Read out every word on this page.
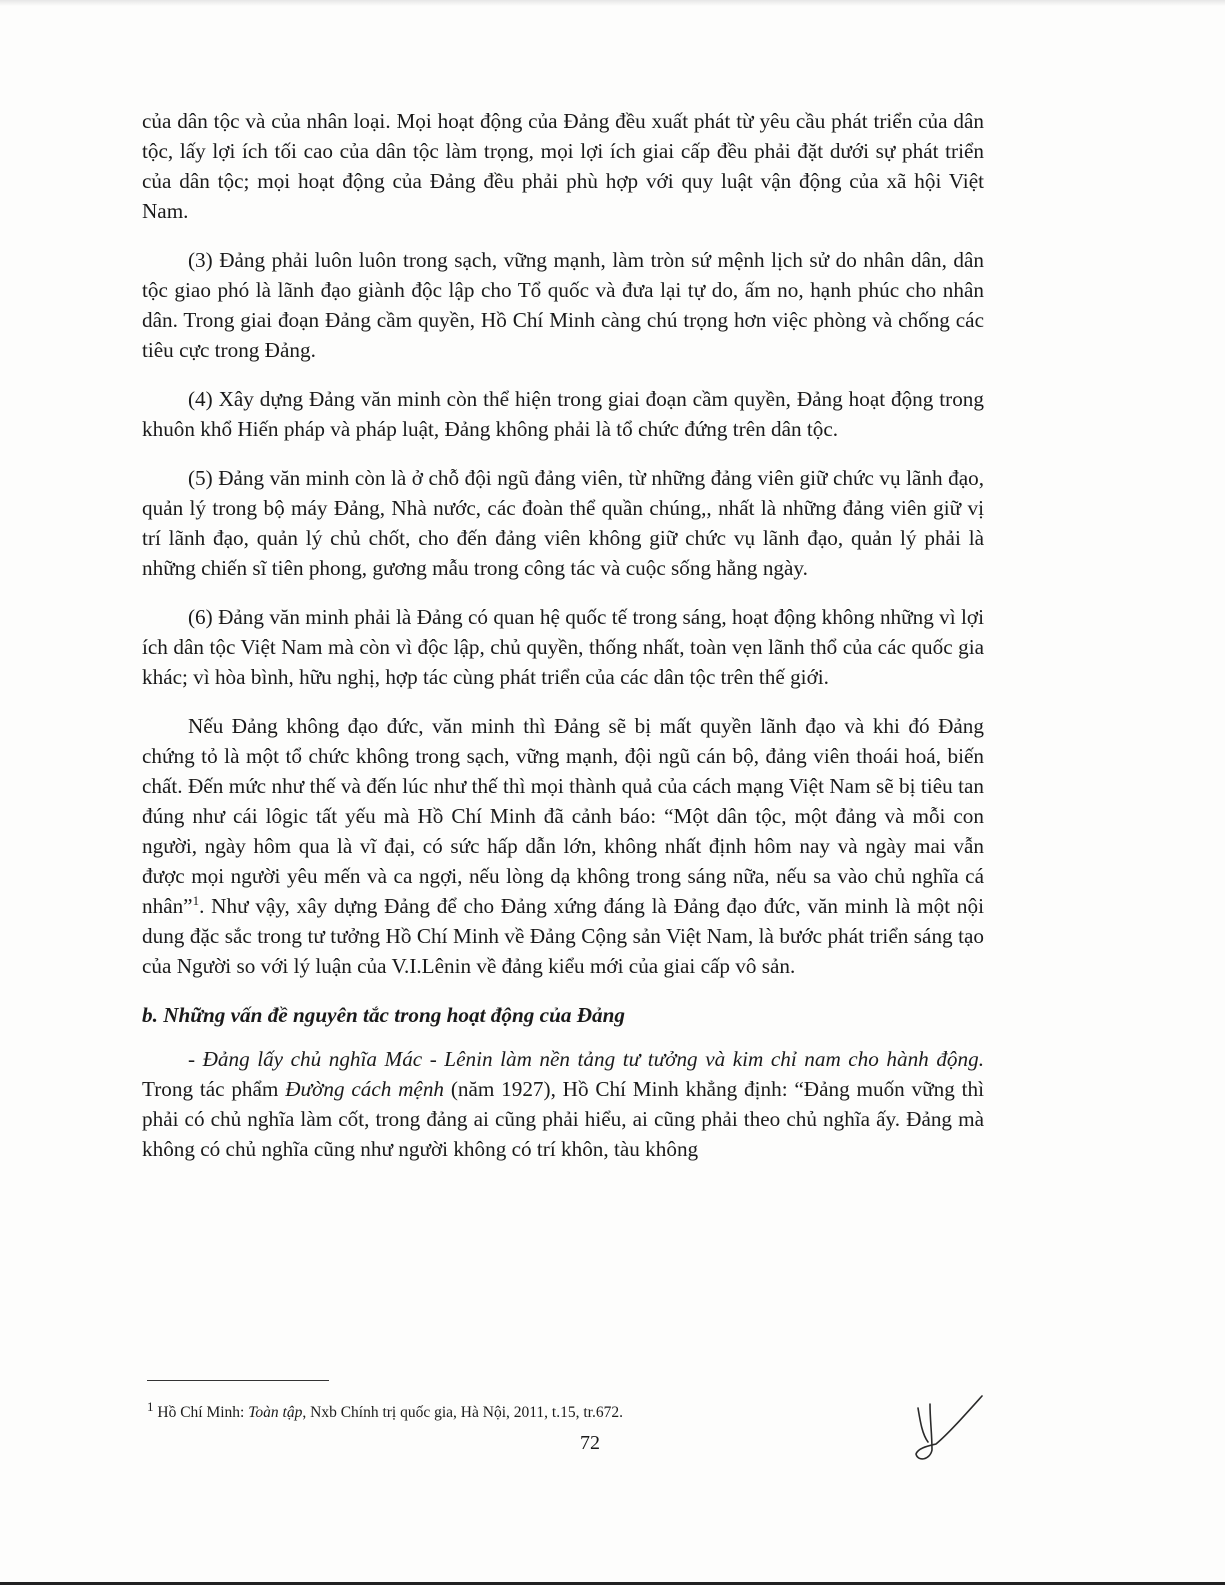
của dân tộc và của nhân loại. Mọi hoạt động của Đảng đều xuất phát từ yêu cầu phát triển của dân tộc, lấy lợi ích tối cao của dân tộc làm trọng, mọi lợi ích giai cấp đều phải đặt dưới sự phát triển của dân tộc; mọi hoạt động của Đảng đều phải phù hợp với quy luật vận động của xã hội Việt Nam.

(3) Đảng phải luôn luôn trong sạch, vững mạnh, làm tròn sứ mệnh lịch sử do nhân dân, dân tộc giao phó là lãnh đạo giành độc lập cho Tổ quốc và đưa lại tự do, ấm no, hạnh phúc cho nhân dân. Trong giai đoạn Đảng cầm quyền, Hồ Chí Minh càng chú trọng hơn việc phòng và chống các tiêu cực trong Đảng.

(4) Xây dựng Đảng văn minh còn thể hiện trong giai đoạn cầm quyền, Đảng hoạt động trong khuôn khổ Hiến pháp và pháp luật, Đảng không phải là tổ chức đứng trên dân tộc.

(5) Đảng văn minh còn là ở chỗ đội ngũ đảng viên, từ những đảng viên giữ chức vụ lãnh đạo, quản lý trong bộ máy Đảng, Nhà nước, các đoàn thể quần chúng,, nhất là những đảng viên giữ vị trí lãnh đạo, quản lý chủ chốt, cho đến đảng viên không giữ chức vụ lãnh đạo, quản lý phải là những chiến sĩ tiên phong, gương mẫu trong công tác và cuộc sống hằng ngày.

(6) Đảng văn minh phải là Đảng có quan hệ quốc tế trong sáng, hoạt động không những vì lợi ích dân tộc Việt Nam mà còn vì độc lập, chủ quyền, thống nhất, toàn vẹn lãnh thổ của các quốc gia khác; vì hòa bình, hữu nghị, hợp tác cùng phát triển của các dân tộc trên thế giới.

Nếu Đảng không đạo đức, văn minh thì Đảng sẽ bị mất quyền lãnh đạo và khi đó Đảng chứng tỏ là một tổ chức không trong sạch, vững mạnh, đội ngũ cán bộ, đảng viên thoái hoá, biến chất. Đến mức như thế và đến lúc như thế thì mọi thành quả của cách mạng Việt Nam sẽ bị tiêu tan đúng như cái lôgic tất yếu mà Hồ Chí Minh đã cảnh báo: “Một dân tộc, một đảng và mỗi con người, ngày hôm qua là vĩ đại, có sức hấp dẫn lớn, không nhất định hôm nay và ngày mai vẫn được mọi người yêu mến và ca ngợi, nếu lòng dạ không trong sáng nữa, nếu sa vào chủ nghĩa cá nhân”$^1$. Như vậy, xây dựng Đảng để cho Đảng xứng đáng là Đảng đạo đức, văn minh là một nội dung đặc sắc trong tư tưởng Hồ Chí Minh về Đảng Cộng sản Việt Nam, là bước phát triển sáng tạo của Người so với lý luận của V.I.Lênin về đảng kiểu mới của giai cấp vô sản.

b. Những vấn đề nguyên tắc trong hoạt động của Đảng

- Đảng lấy chủ nghĩa Mác - Lênin làm nền tảng tư tưởng và kim chỉ nam cho hành động. Trong tác phẩm Đường cách mệnh (năm 1927), Hồ Chí Minh khẳng định: “Đảng muốn vững thì phải có chủ nghĩa làm cốt, trong đảng ai cũng phải hiểu, ai cũng phải theo chủ nghĩa ấy. Đảng mà không có chủ nghĩa cũng như người không có trí khôn, tàu không

$^1$ Hồ Chí Minh: Toàn tập, Nxb Chính trị quốc gia, Hà Nội, 2011, t.15, tr.672.
72
